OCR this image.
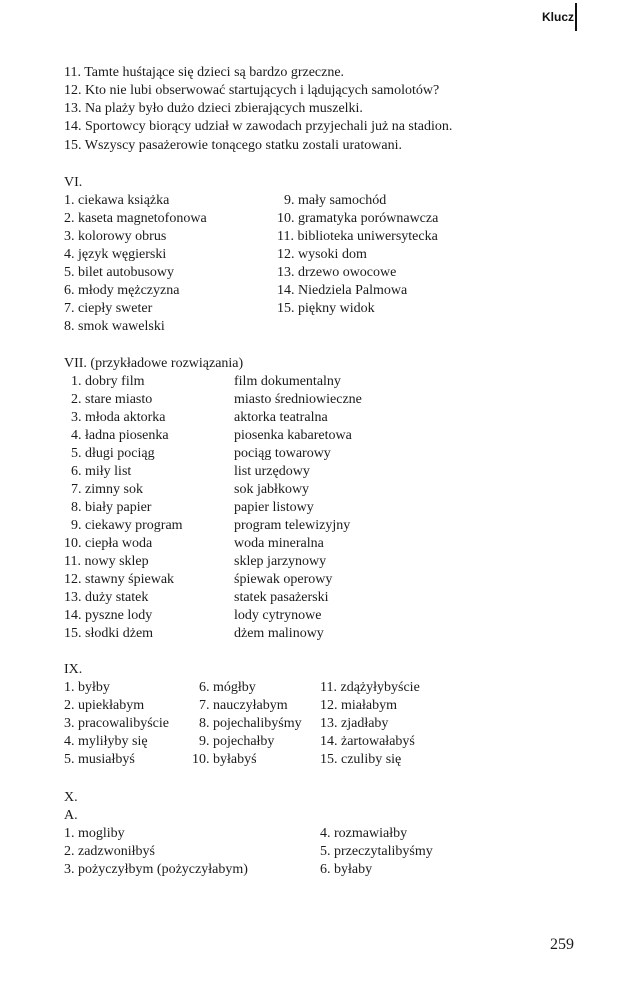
Klucz
11. Tamte huśtające się dzieci są bardzo grzeczne.
12. Kto nie lubi obserwować startujących i lądujących samolotów?
13. Na plaży było dużo dzieci zbierających muszelki.
14. Sportowcy biorący udział w zawodach przyjechali już na stadion.
15. Wszyscy pasażerowie tonącego statku zostali uratowani.
VI.
1. ciekawa książka
2. kaseta magnetofonowa
3. kolorowy obrus
4. język węgierski
5. bilet autobusowy
6. młody mężczyzna
7. ciepły sweter
8. smok wawelski
9. mały samochód
10. gramatyka porównawcza
11. biblioteka uniwersytecka
12. wysoki dom
13. drzewo owocowe
14. Niedziela Palmowa
15. piękny widok
VII. (przykładowe rozwiązania)
1. dobry film
2. stare miasto
3. młoda aktorka
4. ładna piosenka
5. długi pociąg
6. miły list
7. zimny sok
8. biały papier
9. ciekawy program
10. ciepła woda
11. nowy sklep
12. stawny śpiewak
13. duży statek
14. pyszne lody
15. słodki dżem
film dokumentalny
miasto średniowieczne
aktorka teatralna
piosenka kabaretowa
pociąg towarowy
list urzędowy
sok jabłkowy
papier listowy
program telewizyjny
woda mineralna
sklep jarzynowy
śpiewak operowy
statek pasażerski
lody cytrynowe
dżem malinowy
IX.
1. byłby
2. upiekłabym
3. pracowalibyście
4. myliłyby się
5. musiałbyś
6. mógłby
7. nauczyłabym
8. pojechalibyśmy
9. pojechałby
10. byłabyś
11. zdążyłybyście
12. miałabym
13. zjadłaby
14. żartowałabyś
15. czuliby się
X.
A.
1. mogliby
2. zadzwoniłbyś
3. pożyczyłbym (pożyczyłabym)
4. rozmawiałby
5. przeczytalibyśmy
6. byłaby
259
